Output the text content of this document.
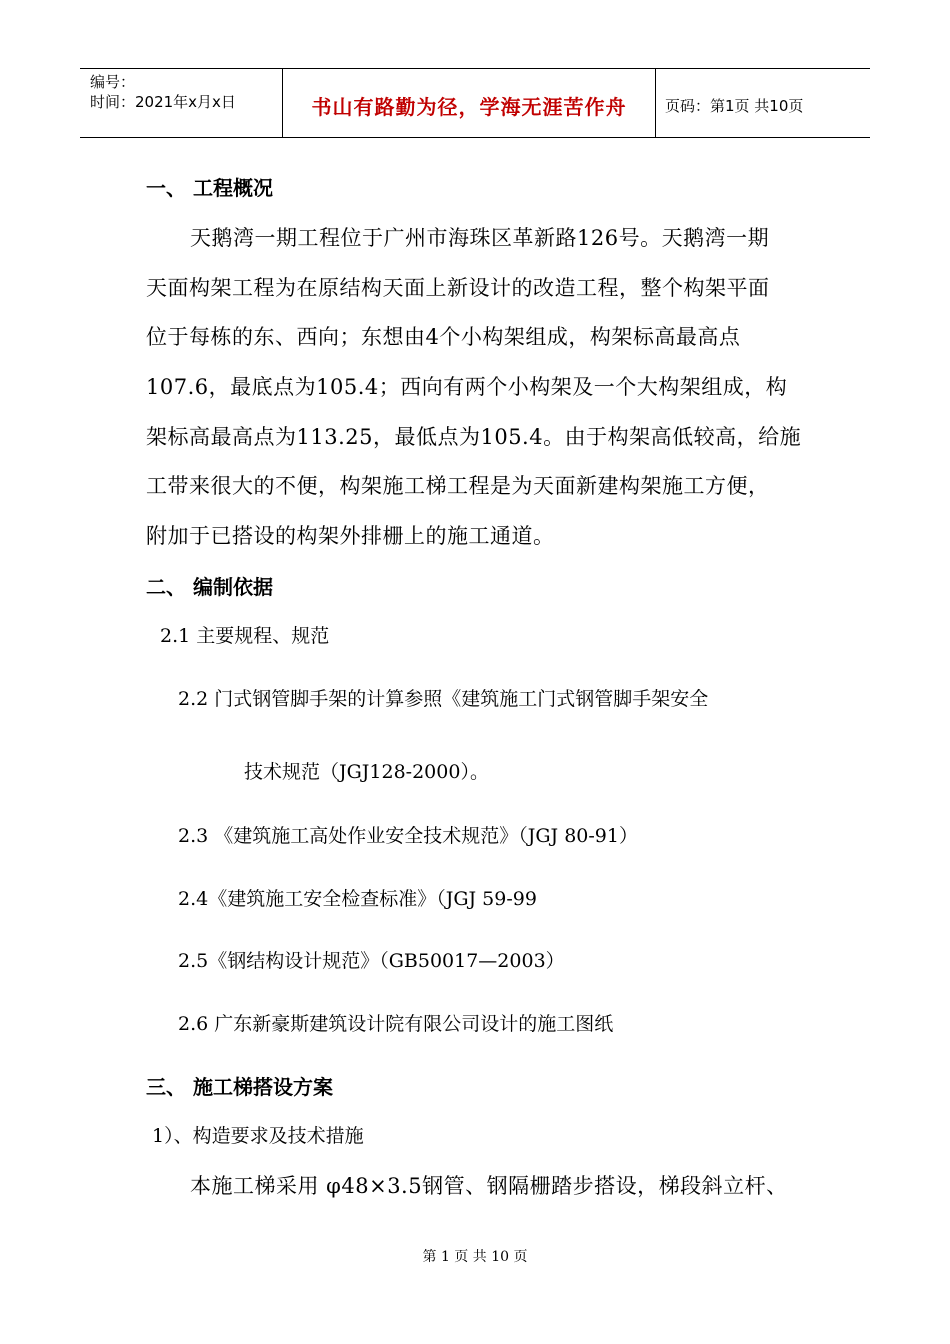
编号：
时间：2021年x月x日	书山有路勤为径，学海无涯苦作舟	页码：第1页 共10页
一、 工程概况
天鹅湾一期工程位于广州市海珠区革新路126号。天鹅湾一期
天面构架工程为在原结构天面上新设计的改造工程，整个构架平面
位于每栋的东、西向；东想由4个小构架组成，构架标高最高点
107.6，最底点为105.4；西向有两个小构架及一个大构架组成，构
架标高最高点为113.25，最低点为105.4。由于构架高低较高，给施
工带来很大的不便，构架施工梯工程是为天面新建构架施工方便，
附加于已搭设的构架外排栅上的施工通道。
二、 编制依据
2.1 主要规程、规范
2.2 门式钢管脚手架的计算参照《建筑施工门式钢管脚手架安全
技术规范（JGJ128-2000）。
2.3 《建筑施工高处作业安全技术规范》（JGJ 80-91）
2.4《建筑施工安全检查标准》（JGJ 59-99
2.5《钢结构设计规范》（GB50017—2003）
2.6 广东新豪斯建筑设计院有限公司设计的施工图纸
三、 施工梯搭设方案
1）、构造要求及技术措施
本施工梯采用 φ48×3.5钢管、钢隔栅踏步搭设，梯段斜立杆、
第 1 页 共 10 页
